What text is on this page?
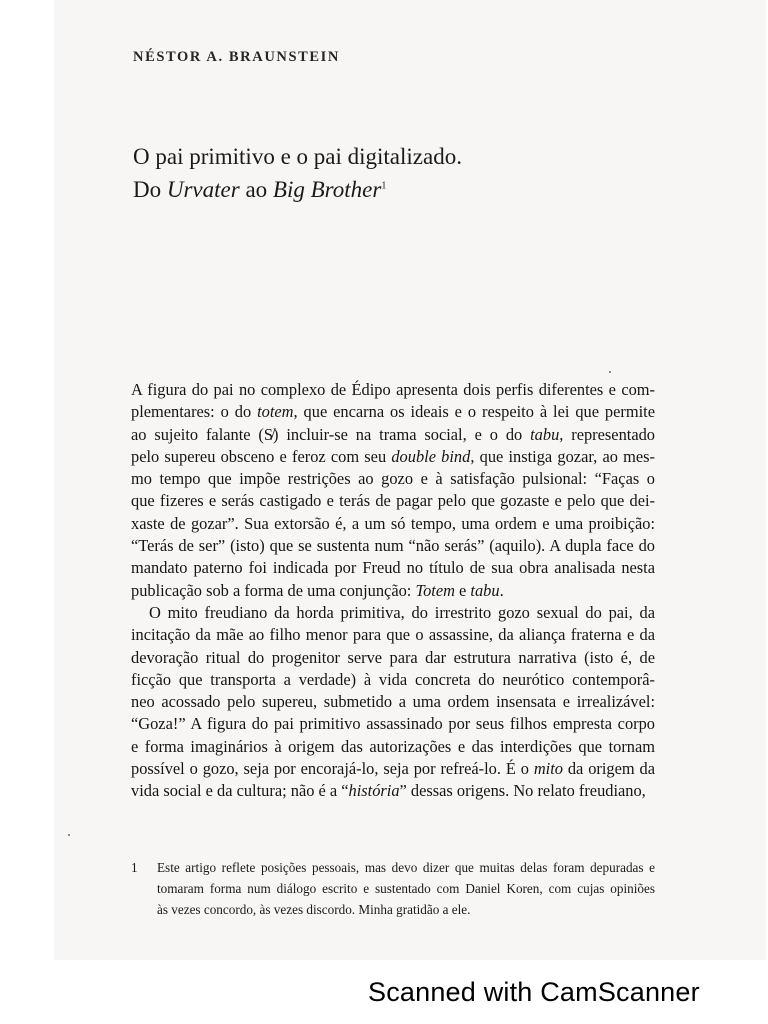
NÉSTOR A. BRAUNSTEIN
O pai primitivo e o pai digitalizado.
Do Urvater ao Big Brother$^1$
A figura do pai no complexo de Édipo apresenta dois perfis diferentes e com-
plementares: o do totem, que encarna os ideais e o respeito à lei que permite
ao sujeito falante (S̸) incluir-se na trama social, e o do tabu, representado
pelo supereu obsceno e feroz com seu double bind, que instiga gozar, ao mes-
mo tempo que impõe restrições ao gozo e à satisfação pulsional: “Faças o
que fizeres e serás castigado e terás de pagar pelo que gozaste e pelo que dei-
xaste de gozar”. Sua extorsão é, a um só tempo, uma ordem e uma proibição:
“Terás de ser” (isto) que se sustenta num “não serás” (aquilo). A dupla face do
mandato paterno foi indicada por Freud no título de sua obra analisada nesta
publicação sob a forma de uma conjunção: Totem e tabu.
O mito freudiano da horda primitiva, do irrestrito gozo sexual do pai, da
incitação da mãe ao filho menor para que o assassine, da aliança fraterna e da
devoração ritual do progenitor serve para dar estrutura narrativa (isto é, de
ficção que transporta a verdade) à vida concreta do neurótico contemporâ-
neo acossado pelo supereu, submetido a uma ordem insensata e irrealizável:
“Goza!” A figura do pai primitivo assassinado por seus filhos empresta corpo
e forma imaginários à origem das autorizações e das interdições que tornam
possível o gozo, seja por encorajá-lo, seja por refreá-lo. É o mito da origem da
vida social e da cultura; não é a “história” dessas origens. No relato freudiano,
1 Este artigo reflete posições pessoais, mas devo dizer que muitas delas foram depuradas e
tomaram forma num diálogo escrito e sustentado com Daniel Koren, com cujas opiniões
às vezes concordo, às vezes discordo. Minha gratidão a ele.
Scanned with CamScanner
